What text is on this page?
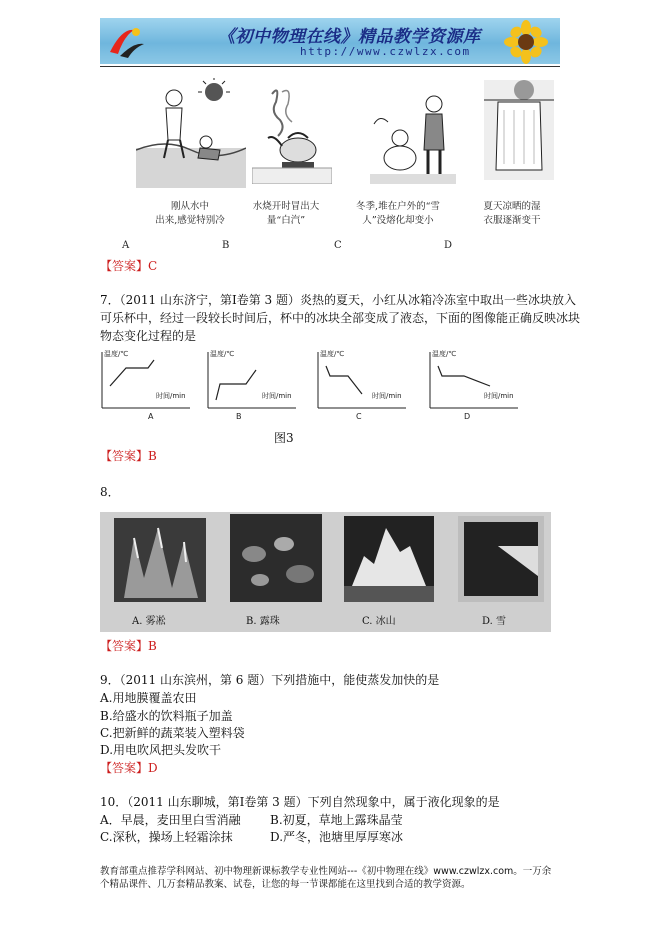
《初中物理在线》精品教学资源库
http://www.czwlzx.com
刚从水中
出来,感觉特别冷
水烧开时冒出大
量“白汽”
冬季,堆在户外的“雪
人”没熔化却变小
夏天凉晒的湿
衣服逐渐变干
A	B	C	D
【答案】C
7．（2011 山东济宁，第Ⅰ卷第 3 题）炎热的夏天，小红从冰箱冷冻室中取出一些冰块放入
可乐杯中，经过一段较长时间后，杯中的冰块全部变成了液态，下面的图像能正确反映冰块
物态变化过程的是
温度/℃
时间/min
温度/℃
时间/min
温度/℃
时间/min
温度/℃
时间/min
A	B	C	D
图3
【答案】B
8．
A. 雾凇	B. 露珠	C. 冰山	D. 雪
【答案】B
9．（2011 山东滨州，第 6 题）下列措施中，能使蒸发加快的是
A.用地膜覆盖农田
B.给盛水的饮料瓶子加盖
C.把新鲜的蔬菜装入塑料袋
D.用电吹风把头发吹干
【答案】D
10．（2011 山东聊城，第Ⅰ卷第 3 题）下列自然现象中，属于液化现象的是
A．早晨，麦田里白雪消融 B.初夏，草地上露珠晶莹
C.深秋，操场上轻霜涂抹	D.严冬，池塘里厚厚寒冰
教育部重点推荐学科网站、初中物理新课标教学专业性网站---《初中物理在线》www.czwlzx.com。一万余
个精品课件、几万套精品教案、试卷，让您的每一节课都能在这里找到合适的教学资源。
